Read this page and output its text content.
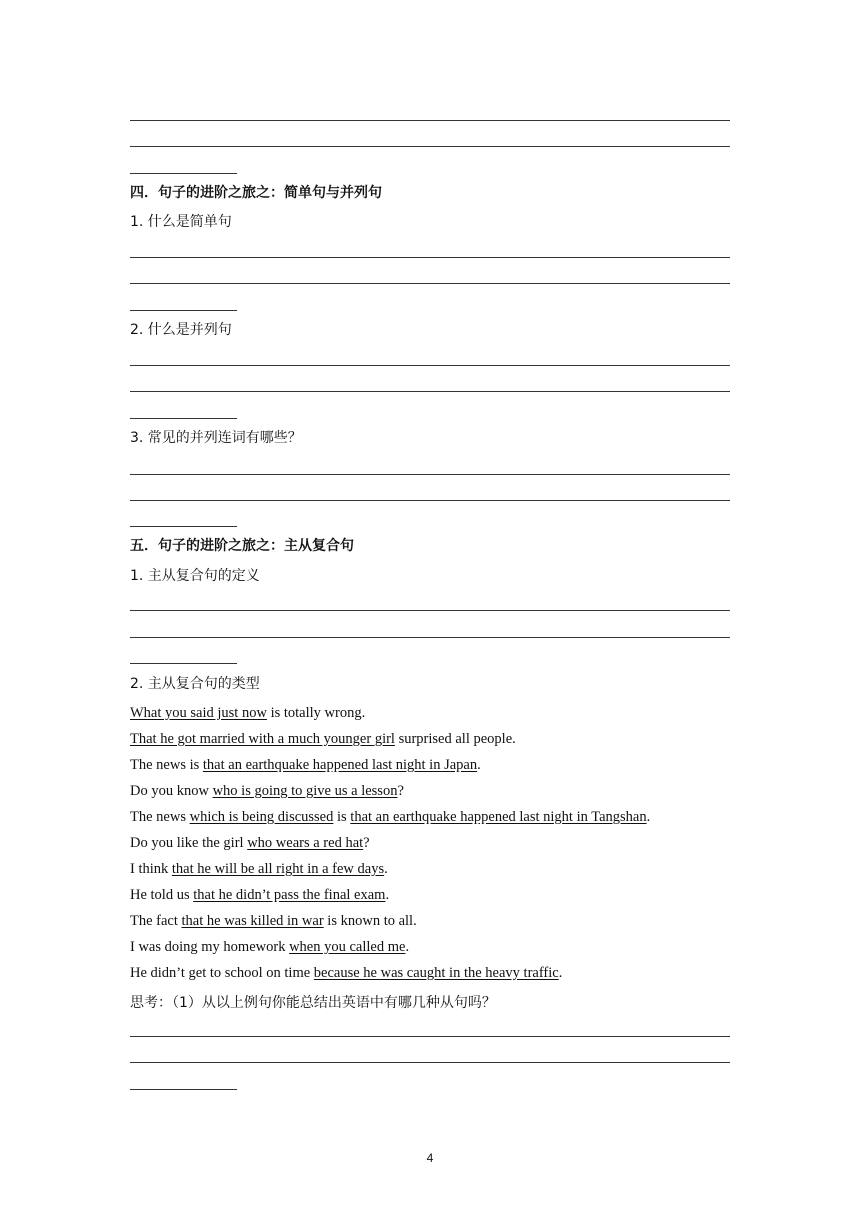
四．句子的进阶之旅之：简单句与并列句
1. 什么是简单句
2. 什么是并列句
3. 常见的并列连词有哪些？
五．句子的进阶之旅之：主从复合句
1. 主从复合句的定义
2. 主从复合句的类型
What you said just now is totally wrong.
That he got married with a much younger girl surprised all people.
The news is that an earthquake happened last night in Japan.
Do you know who is going to give us a lesson?
The news which is being discussed is that an earthquake happened last night in Tangshan.
Do you like the girl who wears a red hat?
I think that he will be all right in a few days.
He told us that he didn’t pass the final exam.
The fact that he was killed in war is known to all.
I was doing my homework when you called me.
He didn’t get to school on time because he was caught in the heavy traffic.
思考：（1）从以上例句你能总结出英语中有哪几种从句吗？
4
